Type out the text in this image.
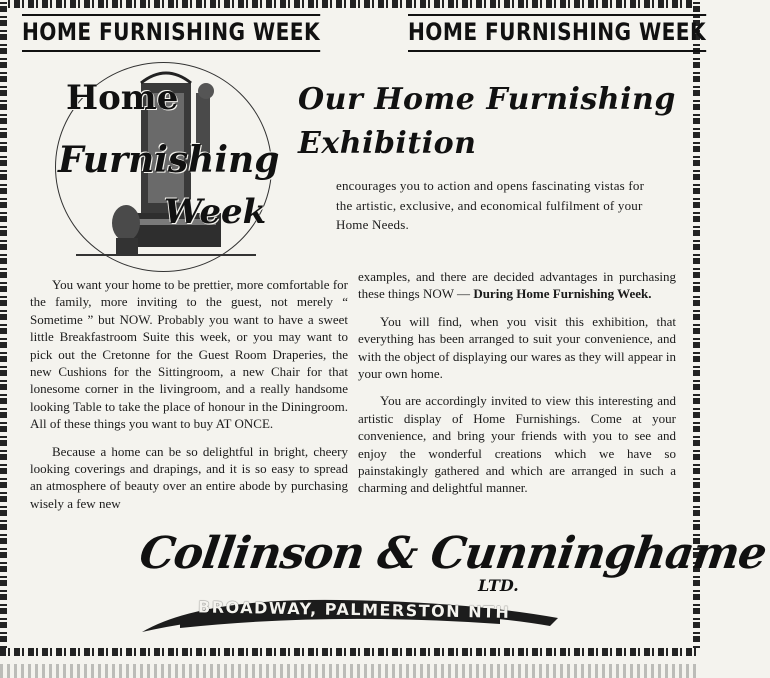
HOME FURNISHING WEEK	HOME FURNISHING WEEK
Home
Furnishing
Week
Our Home Furnishing
Exhibition
encourages you to action and opens fascinating vistas for the artistic, exclusive, and economical fulfilment of your Home Needs.

You want your home to be prettier, more comfortable for the family, more inviting to the guest, not merely “ Sometime ” but NOW. Probably you want to have a sweet little Breakfastroom Suite this week, or you may want to pick out the Cretonne for the Guest Room Draperies, the new Cushions for the Sittingroom, a new Chair for that lonesome corner in the livingroom, and a really handsome looking Table to take the place of honour in the Diningroom. All of these things you want to buy AT ONCE.

Because a home can be so delightful in bright, cheery looking coverings and drapings, and it is so easy to spread an atmosphere of beauty over an entire abode by purchasing wisely a few new

examples, and there are decided advantages in purchasing these things NOW — During Home Furnishing Week.

You will find, when you visit this exhibition, that everything has been arranged to suit your convenience, and with the object of displaying our wares as they will appear in your own home.

You are accordingly invited to view this interesting and artistic display of Home Furnishings. Come at your convenience, and bring your friends with you to see and enjoy the wonderful creations which we have so painstakingly gathered and which are arranged in such a charming and delightful manner.

Collinson & Cunninghame
LTD.
BROADWAY, PALMERSTON NTH
